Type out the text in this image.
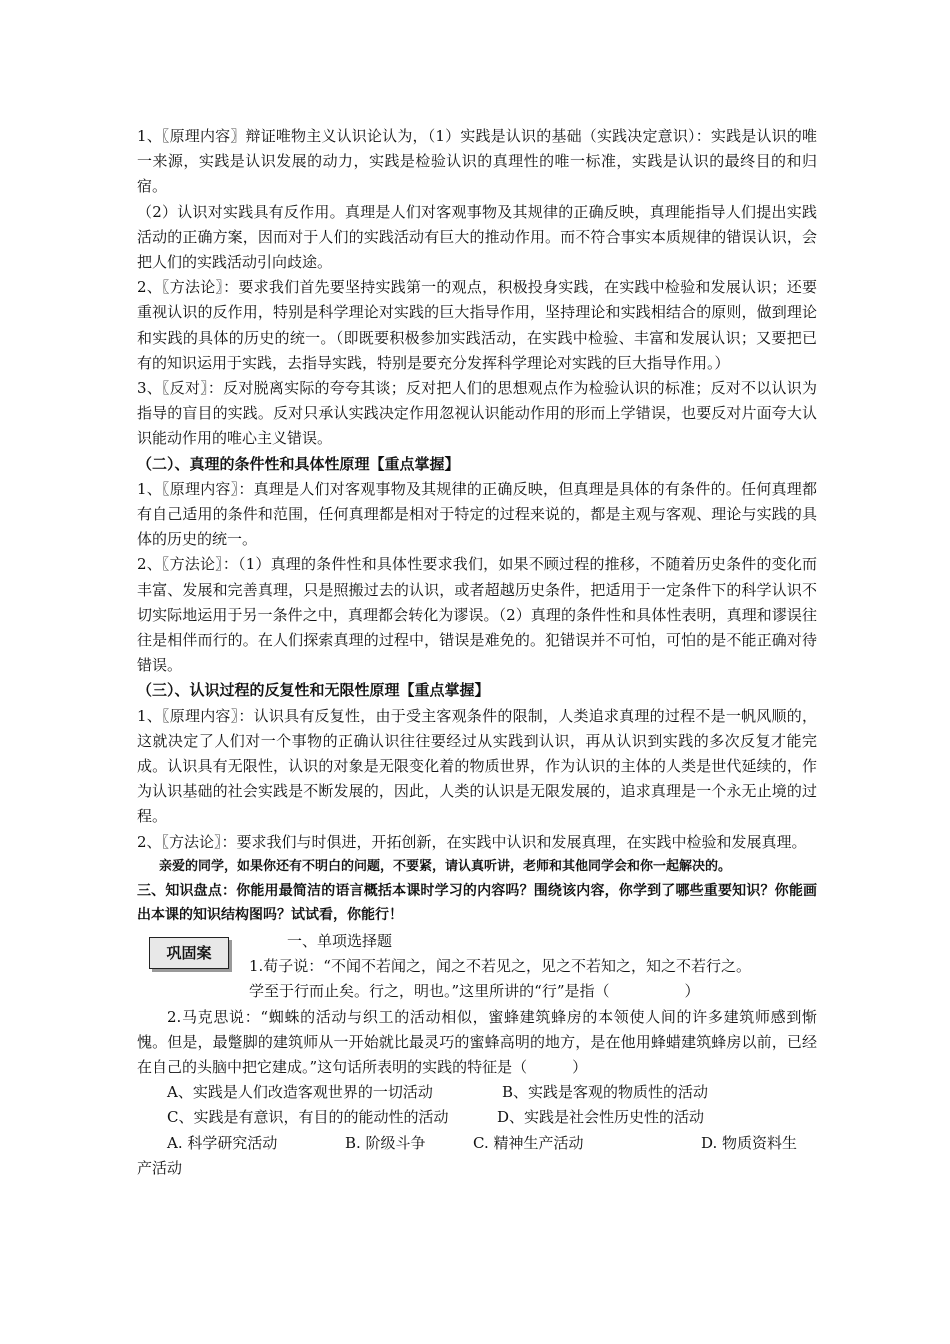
1、〖原理内容〗辩证唯物主义认识论认为，（1）实践是认识的基础（实践决定意识）：实践是认识的唯一来源，实践是认识发展的动力，实践是检验认识的真理性的唯一标准，实践是认识的最终目的和归宿。

（2）认识对实践具有反作用。真理是人们对客观事物及其规律的正确反映，真理能指导人们提出实践活动的正确方案，因而对于人们的实践活动有巨大的推动作用。而不符合事实本质规律的错误认识，会把人们的实践活动引向歧途。

2、〖方法论〗：要求我们首先要坚持实践第一的观点，积极投身实践，在实践中检验和发展认识；还要重视认识的反作用，特别是科学理论对实践的巨大指导作用，坚持理论和实践相结合的原则，做到理论和实践的具体的历史的统一。（即既要积极参加实践活动，在实践中检验、丰富和发展认识；又要把已有的知识运用于实践，去指导实践，特别是要充分发挥科学理论对实践的巨大指导作用。）

3、〖反对〗：反对脱离实际的夸夸其谈；反对把人们的思想观点作为检验认识的标准；反对不以认识为指导的盲目的实践。反对只承认实践决定作用忽视认识能动作用的形而上学错误，也要反对片面夸大认识能动作用的唯心主义错误。

（二）、真理的条件性和具体性原理【重点掌握】

1、〖原理内容〗：真理是人们对客观事物及其规律的正确反映，但真理是具体的有条件的。任何真理都有自己适用的条件和范围，任何真理都是相对于特定的过程来说的，都是主观与客观、理论与实践的具体的历史的统一。

2、〖方法论〗：（1）真理的条件性和具体性要求我们，如果不顾过程的推移，不随着历史条件的变化而丰富、发展和完善真理，只是照搬过去的认识，或者超越历史条件，把适用于一定条件下的科学认识不切实际地运用于另一条件之中，真理都会转化为谬误。（2）真理的条件性和具体性表明，真理和谬误往往是相伴而行的。在人们探索真理的过程中，错误是难免的。犯错误并不可怕，可怕的是不能正确对待错误。

（三）、认识过程的反复性和无限性原理【重点掌握】

1、〖原理内容〗：认识具有反复性，由于受主客观条件的限制，人类追求真理的过程不是一帆风顺的，这就决定了人们对一个事物的正确认识往往要经过从实践到认识，再从认识到实践的多次反复才能完成。认识具有无限性，认识的对象是无限变化着的物质世界，作为认识的主体的人类是世代延续的，作为认识基础的社会实践是不断发展的，因此，人类的认识是无限发展的，追求真理是一个永无止境的过程。

2、〖方法论〗：要求我们与时俱进，开拓创新，在实践中认识和发展真理，在实践中检验和发展真理。

亲爱的同学，如果你还有不明白的问题，不要紧，请认真听讲，老师和其他同学会和你一起解决的。

三、知识盘点：你能用最简洁的语言概括本课时学习的内容吗？围绕该内容，你学到了哪些重要知识？你能画出本课的知识结构图吗？试试看，你能行！

巩固案

一、单项选择题

1.荀子说：“不闻不若闻之，闻之不若见之，见之不若知之，知之不若行之。

学至于行而止矣。行之，明也。”这里所讲的“行”是指（　　　　　）

2.马克思说：“蜘蛛的活动与织工的活动相似，蜜蜂建筑蜂房的本领使人间的许多建筑师感到惭愧。但是，最蹩脚的建筑师从一开始就比最灵巧的蜜蜂高明的地方，是在他用蜂蜡建筑蜂房以前，已经在自己的头脑中把它建成。”这句话所表明的实践的特征是（　　　）

A、实践是人们改造客观世界的一切活动	B、实践是客观的物质性的活动

C、实践是有意识，有目的的能动性的活动	D、实践是社会性历史性的活动

A. 科学研究活动	B. 阶级斗争	C. 精神生产活动	D. 物质资料生

产活动
